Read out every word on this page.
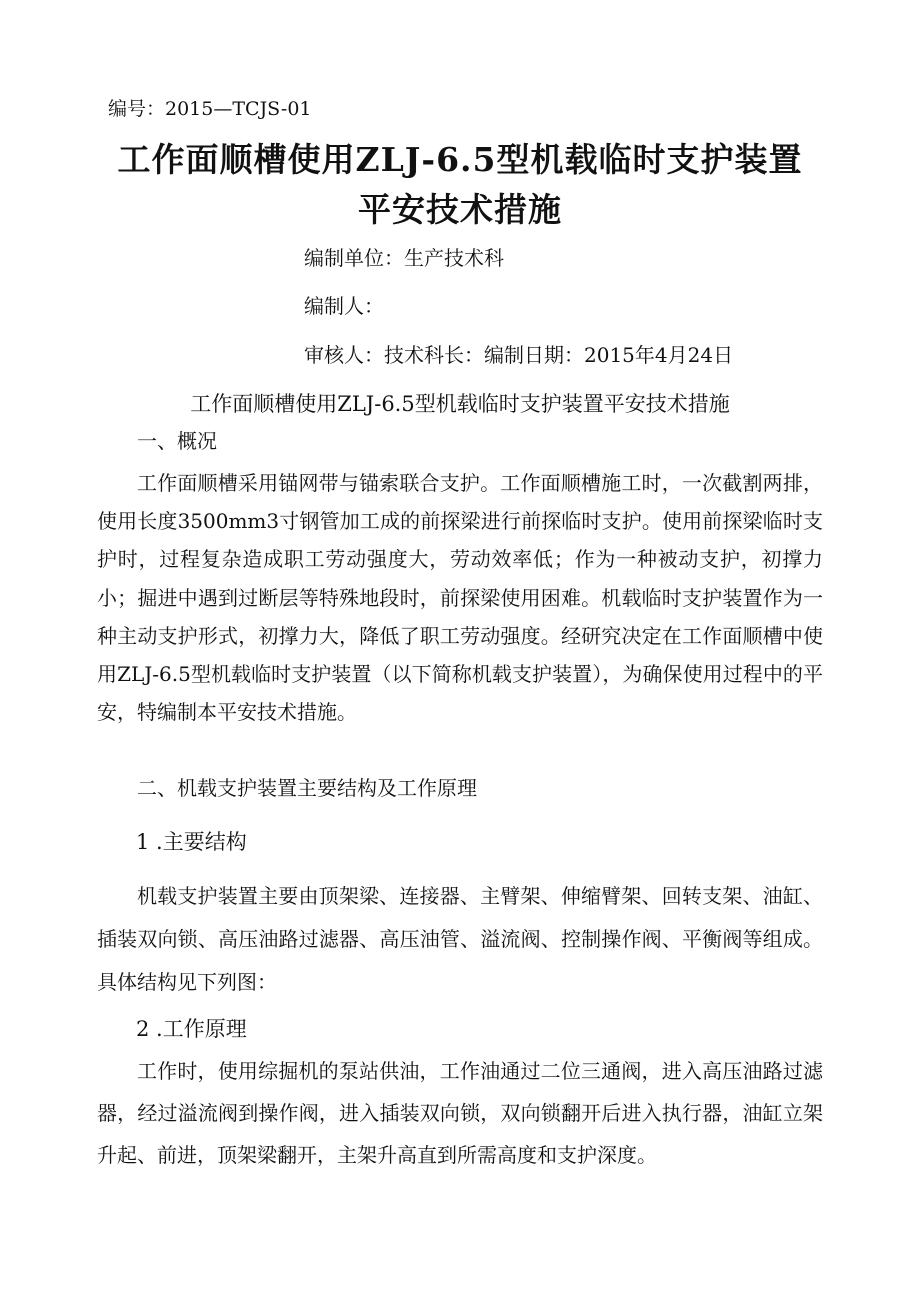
编号：2015—TCJS-01
工作面顺槽使用ZLJ-6.5型机载临时支护装置
平安技术措施
编制单位：生产技术科
编制人：
审核人：技术科长：编制日期：2015年4月24日
工作面顺槽使用ZLJ-6.5型机载临时支护装置平安技术措施
一、概况

工作面顺槽采用锚网带与锚索联合支护。工作面顺槽施工时，一次截割两排，使用长度3500mm3寸钢管加工成的前探梁进行前探临时支护。使用前探梁临时支护时，过程复杂造成职工劳动强度大，劳动效率低；作为一种被动支护，初撑力小；掘进中遇到过断层等特殊地段时，前探梁使用困难。机载临时支护装置作为一种主动支护形式，初撑力大，降低了职工劳动强度。经研究决定在工作面顺槽中使用ZLJ-6.5型机载临时支护装置（以下简称机载支护装置），为确保使用过程中的平安，特编制本平安技术措施。

二、机载支护装置主要结构及工作原理
1 .主要结构

机载支护装置主要由顶架梁、连接器、主臂架、伸缩臂架、回转支架、油缸、插装双向锁、高压油路过滤器、高压油管、溢流阀、控制操作阀、平衡阀等组成。具体结构见下列图：

2 .工作原理

工作时，使用综掘机的泵站供油，工作油通过二位三通阀，进入高压油路过滤器，经过溢流阀到操作阀，进入插装双向锁，双向锁翻开后进入执行器，油缸立架升起、前进，顶架梁翻开，主架升高直到所需高度和支护深度。
